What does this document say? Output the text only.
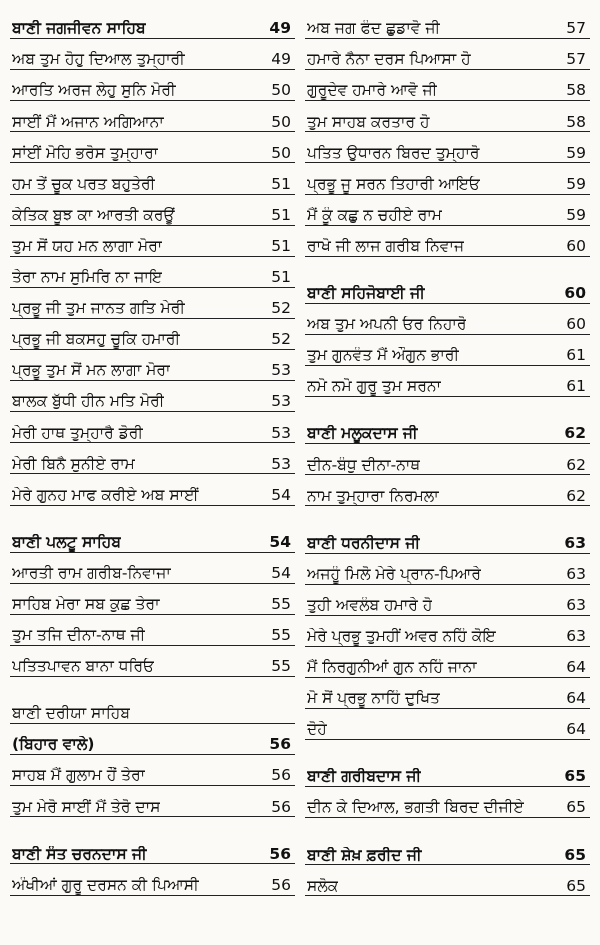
ਬਾਣੀ ਜਗਜੀਵਨ ਸਾਹਿਬ	49
ਅਬ ਤੁਮ ਹੋਹੁ ਦਿਆਲ ਤੁਮ੍ਹਾਰੀ	49
ਆਰਤਿ ਅਰਜ ਲੇਹੁ ਸੁਨਿ ਮੋਰੀ	50
ਸਾਈਂ ਮੈਂ ਅਜਾਨ ਅਗਿਆਨਾ	50
ਸਾਂਈਂ ਮੋਹਿ ਭਰੋਸ ਤੁਮ੍ਹਾਰਾ	50
ਹਮ ਤੇਂ ਚੂਕ ਪਰਤ ਬਹੁਤੇਰੀ	51
ਕੇਤਿਕ ਬੂਝ ਕਾ ਆਰਤੀ ਕਰਊਂ	51
ਤੁਮ ਸੋਂ ਯਹ ਮਨ ਲਾਗਾ ਮੋਰਾ	51
ਤੇਰਾ ਨਾਮ ਸੁਮਿਰਿ ਨਾ ਜਾਇ	51
ਪ੍ਰਭੂ ਜੀ ਤੁਮ ਜਾਨਤ ਗਤਿ ਮੇਰੀ	52
ਪ੍ਰਭੂ ਜੀ ਬਕਸਹੁ ਚੂਕਿ ਹਮਾਰੀ	52
ਪ੍ਰਭੂ ਤੁਮ ਸੋਂ ਮਨ ਲਾਗਾ ਮੋਰਾ	53
ਬਾਲਕ ਬੁੱਧੀ ਹੀਨ ਮਤਿ ਮੋਰੀ	53
ਮੇਰੀ ਹਾਥ ਤੁਮ੍ਹਾਰੈ ਡੋਰੀ	53
ਮੇਰੀ ਬਿਨੈ ਸੁਨੀਏ ਰਾਮ	53
ਮੇਰੇ ਗੁਨਹ ਮਾਫ ਕਰੀਏ ਅਬ ਸਾਈਂ	54
ਬਾਣੀ ਪਲਟੂ ਸਾਹਿਬ	54
ਆਰਤੀ ਰਾਮ ਗਰੀਬ-ਨਿਵਾਜਾ	54
ਸਾਹਿਬ ਮੇਰਾ ਸਬ ਕੁਛ ਤੇਰਾ	55
ਤੁਮ ਤਜਿ ਦੀਨਾ-ਨਾਥ ਜੀ	55
ਪਤਿਤਪਾਵਨ ਬਾਨਾ ਧਰਿਓ	55
ਬਾਣੀ ਦਰੀਯਾ ਸਾਹਿਬ
(ਬਿਹਾਰ ਵਾਲੇ)	56
ਸਾਹਬ ਮੈਂ ਗੁਲਾਮ ਹੌਂ ਤੇਰਾ	56
ਤੁਮ ਮੇਰੋ ਸਾਈਂ ਮੈਂ ਤੇਰੋ ਦਾਸ	56
ਬਾਣੀ ਸੰਤ ਚਰਨਦਾਸ ਜੀ	56
ਅੰਖੀਆਂ ਗੁਰੂ ਦਰਸਨ ਕੀ ਪਿਆਸੀ	56
ਅਬ ਜਗ ਫੰਦ ਛੁਡਾਵੋ ਜੀ	57
ਹਮਾਰੇ ਨੈਨਾ ਦਰਸ ਪਿਆਸਾ ਹੋ	57
ਗੁਰੂਦੇਵ ਹਮਾਰੇ ਆਵੋ ਜੀ	58
ਤੁਮ ਸਾਹਬ ਕਰਤਾਰ ਹੋ	58
ਪਤਿਤ ਉਧਾਰਨ ਬਿਰਦ ਤੁਮ੍ਹਾਰੋ	59
ਪ੍ਰਭੂ ਜੂ ਸਰਨ ਤਿਹਾਰੀ ਆਇਓ	59
ਮੈਂ ਕੂੰ ਕਛੁ ਨ ਚਹੀਏ ਰਾਮ	59
ਰਾਖੋ ਜੀ ਲਾਜ ਗਰੀਬ ਨਿਵਾਜ	60
ਬਾਣੀ ਸਹਿਜੋਬਾਈ ਜੀ	60
ਅਬ ਤੁਮ ਅਪਨੀ ਓਰ ਨਿਹਾਰੋ	60
ਤੁਮ ਗੁਨਵੰਤ ਮੈਂ ਔਗੁਨ ਭਾਰੀ	61
ਨਮੋ ਨਮੋ ਗੁਰੂ ਤੁਮ ਸਰਨਾ	61
ਬਾਣੀ ਮਲੂਕਦਾਸ ਜੀ	62
ਦੀਨ-ਬੰਧੁ ਦੀਨਾ-ਨਾਥ	62
ਨਾਮ ਤੁਮ੍ਹਾਰਾ ਨਿਰਮਲਾ	62
ਬਾਣੀ ਧਰਨੀਦਾਸ ਜੀ	63
ਅਜਹੂੰ ਮਿਲੋ ਮੇਰੇ ਪ੍ਰਾਨ-ਪਿਆਰੇ	63
ਤੁਹੀ ਅਵਲੰਬ ਹਮਾਰੇ ਹੋ	63
ਮੇਰੇ ਪ੍ਰਭੂ ਤੁਮਹੀਂ ਅਵਰ ਨਹਿੰ ਕੋਇ	63
ਮੈਂ ਨਿਰਗੁਨੀਆਂ ਗੁਨ ਨਹਿੰ ਜਾਨਾ	64
ਮੋ ਸੋਂ ਪ੍ਰਭੂ ਨਾਹਿੰ ਦੁਖਿਤ	64
ਦੋਹੇ	64
ਬਾਣੀ ਗਰੀਬਦਾਸ ਜੀ	65
ਦੀਨ ਕੇ ਦਿਆਲ, ਭਗਤੀ ਬਿਰਦ ਦੀਜੀਏ	65
ਬਾਣੀ ਸ਼ੇਖ਼ ਫ਼ਰੀਦ ਜੀ	65
ਸਲੋਕ	65
